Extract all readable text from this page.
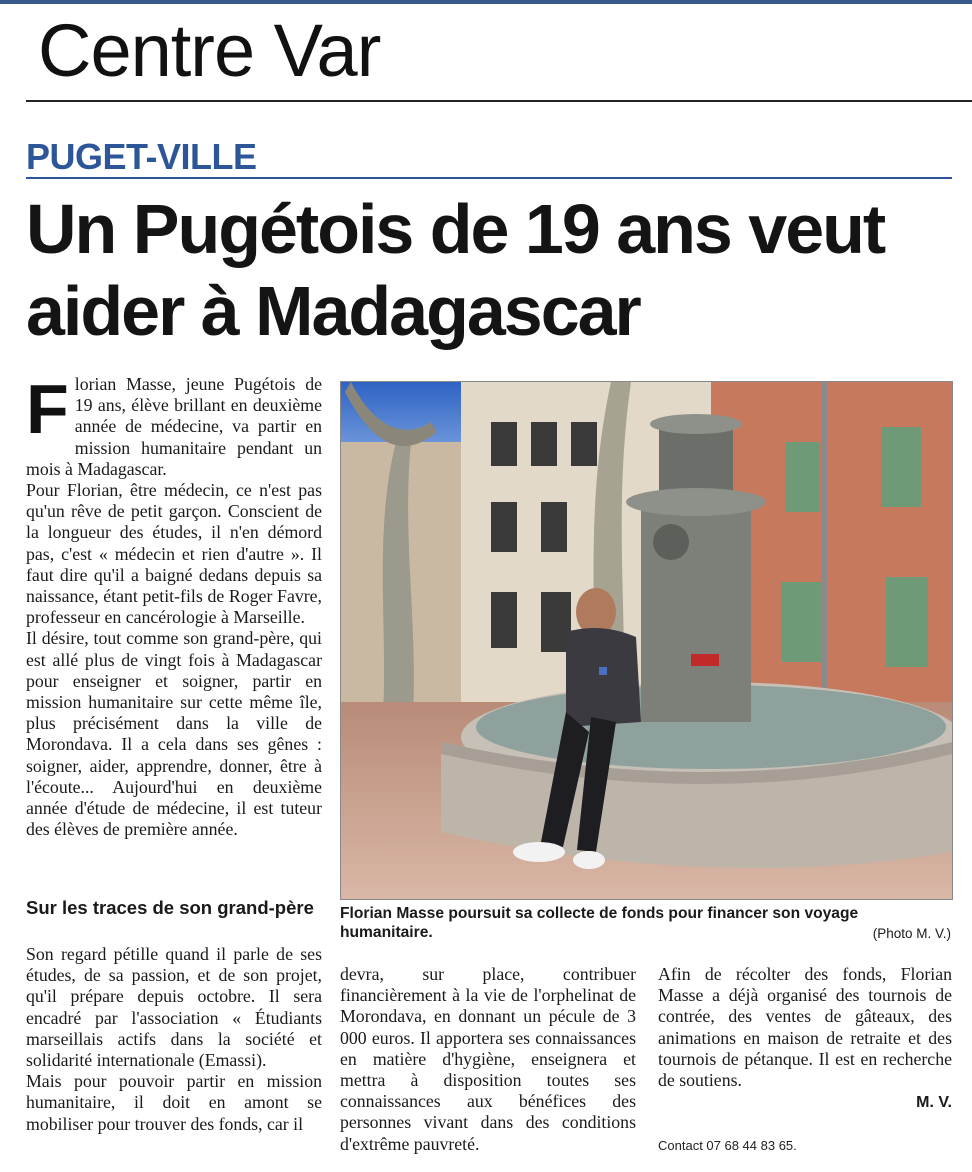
Centre Var
PUGET-VILLE
Un Pugétois de 19 ans veut aider à Madagascar
F lorian Masse, jeune Pugétois de 19 ans, élève brillant en deuxième année de médecine, va partir en mission humanitaire pendant un mois à Madagascar.

Pour Florian, être médecin, ce n'est pas qu'un rêve de petit garçon. Conscient de la longueur des études, il n'en démord pas, c'est « médecin et rien d'autre ». Il faut dire qu'il a baigné dedans depuis sa naissance, étant petit-fils de Roger Favre, professeur en cancérologie à Marseille.

Il désire, tout comme son grand-père, qui est allé plus de vingt fois à Madagascar pour enseigner et soigner, partir en mission humanitaire sur cette même île, plus précisément dans la ville de Morondava. Il a cela dans ses gênes : soigner, aider, apprendre, donner, être à l'écoute... Aujourd'hui en deuxième année d'étude de médecine, il est tuteur des élèves de première année.

Sur les traces de son grand-père

Son regard pétille quand il parle de ses études, de sa passion, et de son projet, qu'il prépare depuis octobre. Il sera encadré par l'association « Étudiants marseillais actifs dans la société et solidarité internationale (Emassi).

Mais pour pouvoir partir en mission humanitaire, il doit en amont se mobiliser pour trouver des fonds, car il

Florian Masse poursuit sa collecte de fonds pour financer son voyage humanitaire.	(Photo M. V.)

devra, sur place, contribuer financièrement à la vie de l'orphelinat de Morondava, en donnant un pécule de 3 000 euros. Il apportera ses connaissances en matière d'hygiène, enseignera et mettra à disposition toutes ses connaissances aux bénéfices des personnes vivant dans des conditions d'extrême pauvreté.

Afin de récolter des fonds, Florian Masse a déjà organisé des tournois de contrée, des ventes de gâteaux, des animations en maison de retraite et des tournois de pétanque. Il est en recherche de soutiens.

M. V.
Contact 07 68 44 83 65.
